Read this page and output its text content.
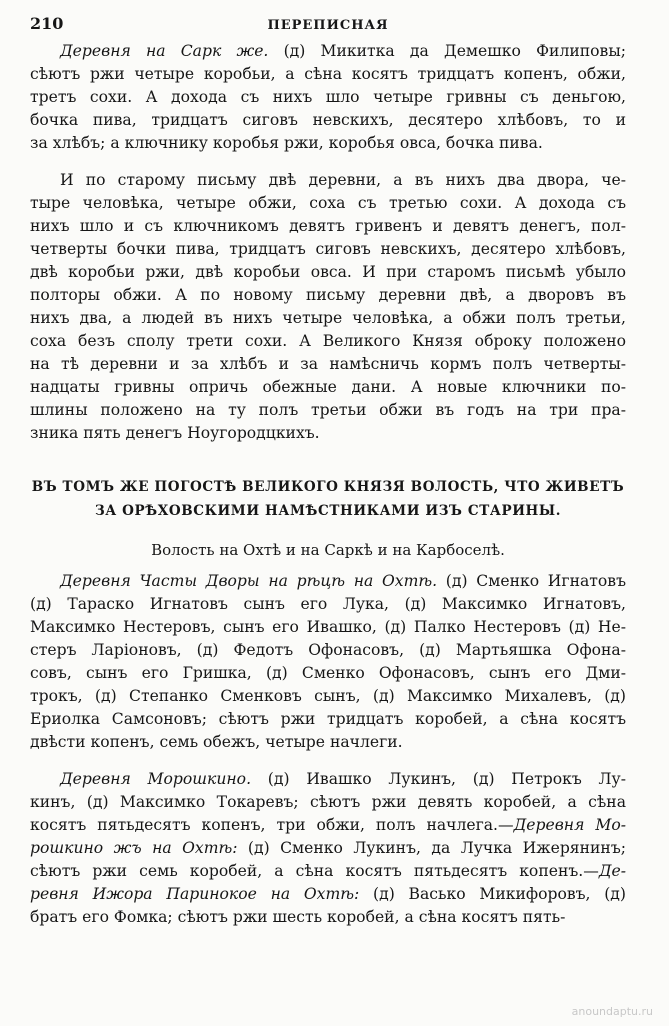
210	ПЕРЕПИСНАЯ
Деревня на Сарк жe. (д) Микитка да Демешко Филиповы;
сѣютъ ржи четыре коробьи, а сѣна косятъ тридцатъ копенъ, обжи,
третъ сохи. А дохода съ нихъ шло четыре гривны съ деньгою,
бочка пива, тридцатъ сиговъ невскихъ, десятеро хлѣбовъ, то и
за хлѣбъ; а ключнику коробья ржи, коробья овса, бочка пива.
И по старому письму двѣ деревни, а въ нихъ два двора, че-
тыре человѣка, четыре обжи, соха съ третью сохи. А дохода съ
нихъ шло и съ ключникомъ девятъ гривенъ и девятъ денегъ, пол-
четверты бочки пива, тридцатъ сиговъ невскихъ, десятеро хлѣбовъ,
двѣ коробьи ржи, двѣ коробьи овса. И при старомъ письмѣ убыло
полторы обжи. А по новому письму деревни двѣ, а дворовъ въ
нихъ два, а людей въ нихъ четыре человѣка, а обжи полъ третьи,
соха безъ сполу трети сохи. А Великого Князя оброку положено
на тѣ деревни и за хлѣбъ и за намѣсничь кормъ полъ четверты-
надцаты гривны опричь обежные дани. А новые ключники по-
шлины положено на ту полъ третьи обжи въ годъ на три пра-
зника пять денегъ Ноугородцкихъ.
ВЪ ТОМЪ ЖЕ ПОГОСТѢ ВЕЛИКОГО КНЯЗЯ ВОЛОСТЬ, ЧТО ЖИВЕТЪ
ЗА ОРѢХОВСКИМИ НАМѢСТНИКАМИ ИЗЪ СТАРИНЫ.
Волость на Охтѣ и на Саркѣ и на Карбоселѣ.
Деревня Часты Дворы на рѣцѣ на Охтѣ. (д) Сменко Игнатовъ
(д) Тараско Игнатовъ сынъ его Лука, (д) Максимко Игнатовъ,
Максимко Нестеровъ, сынъ его Ивашко, (д) Палко Нестеровъ (д) Не-
стеръ Ларіоновъ, (д) Федотъ Офонасовъ, (д) Мартьяшка Офона-
совъ, сынъ его Гришка, (д) Сменко Офонасовъ, сынъ его Дми-
трокъ, (д) Степанко Сменковъ сынъ, (д) Максимко Михалевъ, (д)
Ериолка Самсоновъ; сѣютъ ржи тридцатъ коробей, а сѣна косятъ
двѣсти копенъ, семь обежъ, четыре начлеги.
Деревня Морошкино. (д) Ивашко Лукинъ, (д) Петрокъ Лу-
кинъ, (д) Максимко Токаревъ; сѣютъ ржи девять коробей, а сѣна
косятъ пятьдесятъ копенъ, три обжи, полъ начлега.—Деревня Мо-
рошкино жъ на Охтѣ: (д) Сменко Лукинъ, да Лучка Ижерянинъ;
сѣютъ ржи семь коробей, а сѣна косятъ пятьдесятъ копенъ.—Де-
ревня Ижора Паринокое на Охтѣ: (д) Васько Микифоровъ, (д)
братъ его Фомка; сѣютъ ржи шесть коробей, а сѣна косятъ пять-
anoundaptu.ru
